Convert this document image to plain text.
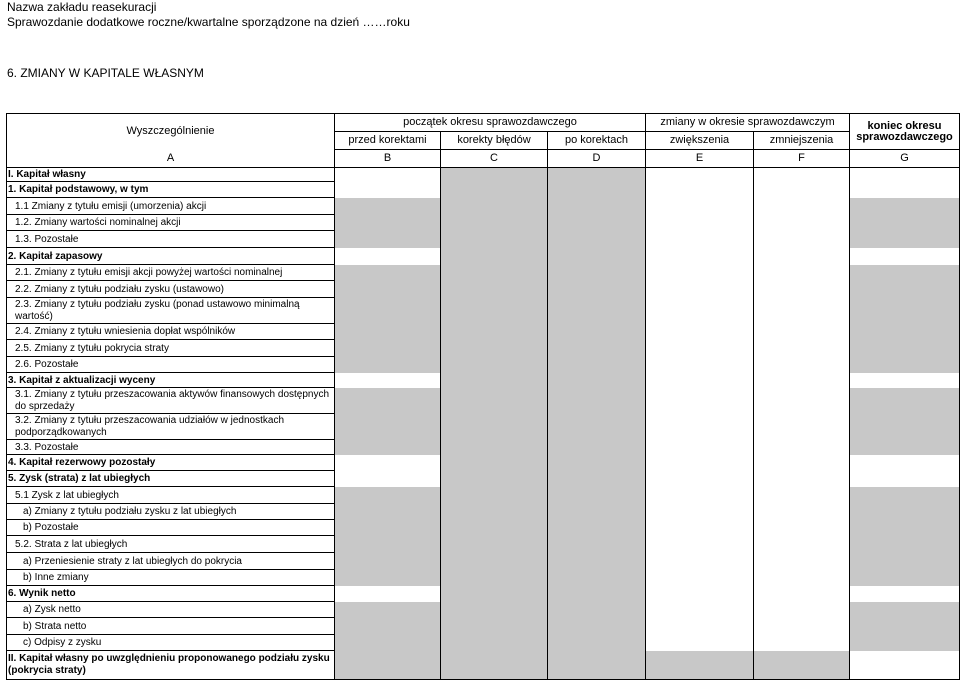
Nazwa zakładu reasekuracji
Sprawozdanie dodatkowe roczne/kwartalne sporządzone na dzień ……roku
6. ZMIANY W KAPITALE WŁASNYM
Wyszczególnienie	początek okresu sprawozdawczego			zmiany w okresie sprawozdawczym		koniec okresu sprawozdawczego
	przed korektami	korekty błędów	po korektach	zwiększenia	zmniejszenia	
A	B	C	D	E	F	G
I. Kapitał własny						
1. Kapitał podstawowy, w tym						
1.1 Zmiany z tytułu emisji (umorzenia) akcji						
1.2. Zmiany wartości nominalnej akcji						
1.3. Pozostałe						
2. Kapitał zapasowy						
2.1. Zmiany z tytułu emisji akcji powyżej wartości nominalnej						
2.2. Zmiany z tytułu podziału zysku (ustawowo)						
2.3. Zmiany z tytułu podziału zysku (ponad ustawowo minimalną wartość)						
2.4. Zmiany z tytułu wniesienia dopłat wspólników						
2.5. Zmiany z tytułu pokrycia straty						
2.6. Pozostałe						
3. Kapitał z aktualizacji wyceny						
3.1. Zmiany z tytułu przeszacowania aktywów finansowych dostępnych do sprzedaży						
3.2. Zmiany z tytułu przeszacowania udziałów w jednostkach podporządkowanych						
3.3. Pozostałe						
4. Kapitał rezerwowy pozostały						
5. Zysk (strata) z lat ubiegłych						
5.1 Zysk z lat ubiegłych						
a) Zmiany z tytułu podziału zysku z lat ubiegłych						
b) Pozostałe						
5.2. Strata z lat ubiegłych						
a) Przeniesienie straty z lat ubiegłych do pokrycia						
b) Inne zmiany						
6. Wynik netto						
a) Zysk netto						
b) Strata netto						
c) Odpisy z zysku						
II. Kapitał własny po uwzględnieniu proponowanego podziału zysku (pokrycia straty)						
